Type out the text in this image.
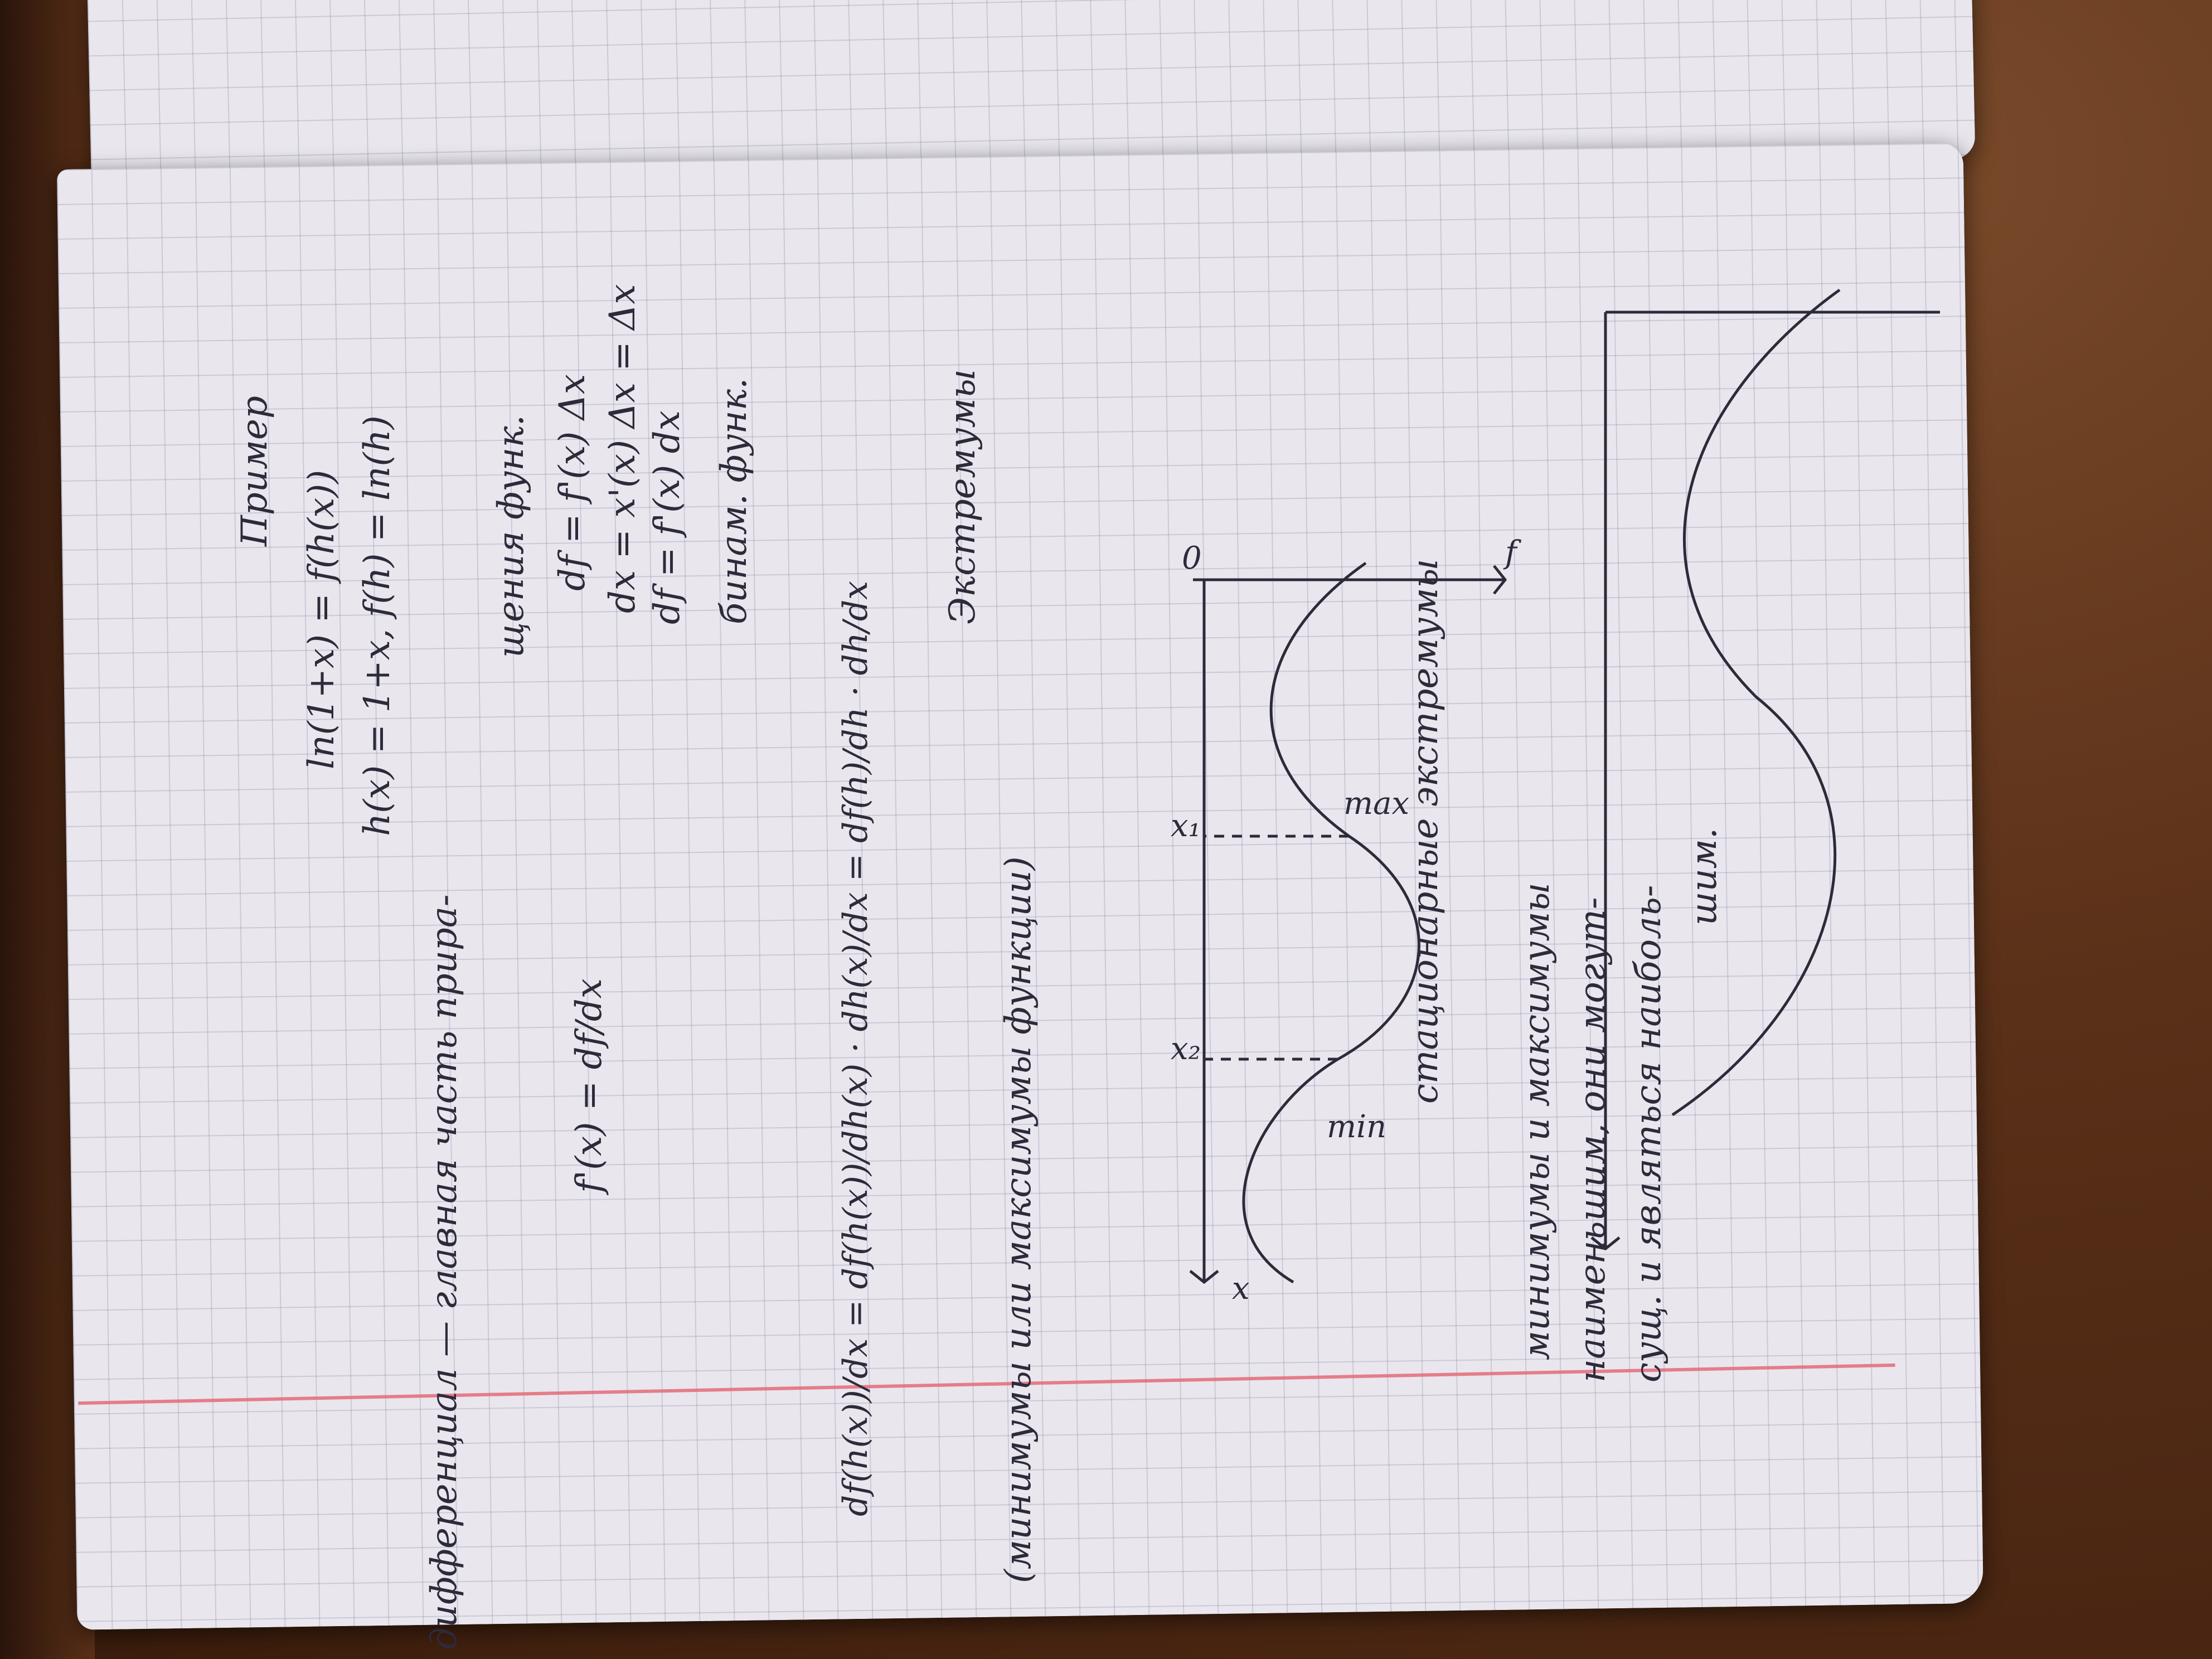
Пример ln(1+x) = f(h(x)) h(x) = 1+x, f(h) = ln(h)
дифференциал — главная часть прира-
щения функ. df = f'(x) Δx dx = x'(x) Δx = Δx df = f'(x) dx
f'(x) = df/dx
бинам. функ.
df(h(x))/dx = df(h(x))/dh(x) · dh(x)/dx = df(h)/dh · dh/dx
Экстремумы
(минимумы или максимумы функции)
стационарные экстремумы
минимумы и максимумы наименьшим, они могут- сущ. и являться наиболь-
шим.
f
x
0
max
min
x₁
x₂
